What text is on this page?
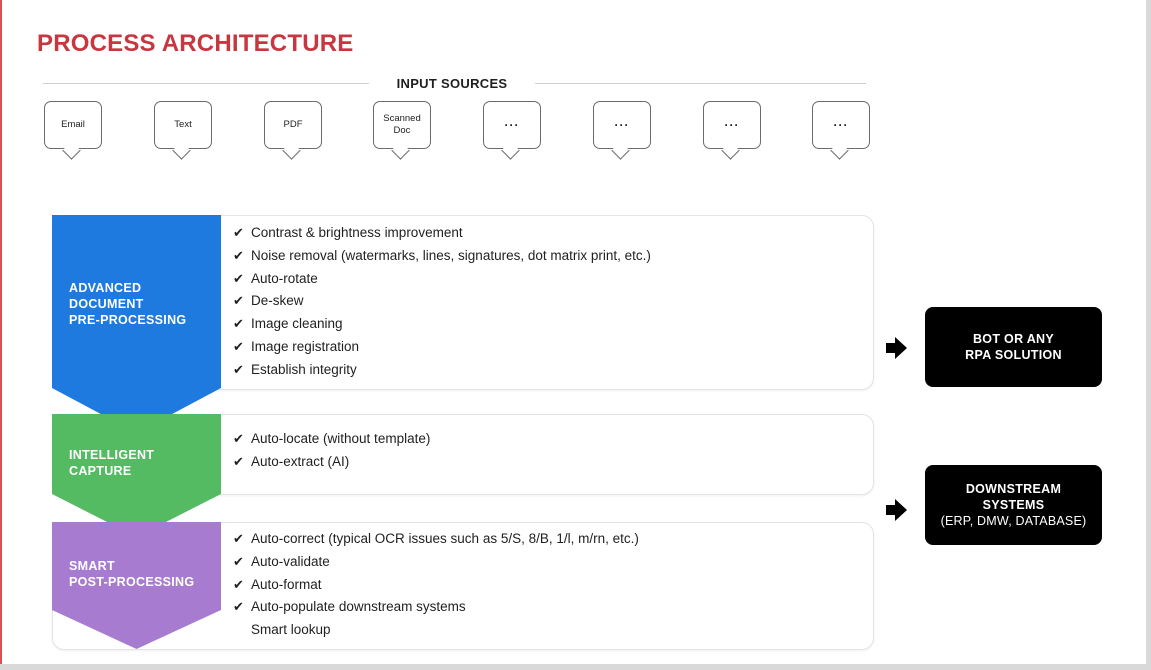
PROCESS ARCHITECTURE
INPUT SOURCES
Email	Text	PDF
Scanned
Doc	···	···	···	···
ADVANCED
DOCUMENT
PRE-PROCESSING
✔ Contrast & brightness improvement
✔ Noise removal (watermarks, lines, signatures, dot matrix print, etc.)
✔ Auto-rotate
✔ De-skew
✔ Image cleaning
✔ Image registration
✔ Establish integrity
INTELLIGENT
CAPTURE
✔ Auto-locate (without template)
✔ Auto-extract (AI)
SMART
POST-PROCESSING
✔ Auto-correct (typical OCR issues such as 5/S, 8/B, 1/l, m/rn, etc.)
✔ Auto-validate
✔ Auto-format
✔ Auto-populate downstream systems
Smart lookup
BOT OR ANY
RPA SOLUTION
DOWNSTREAM
SYSTEMS
(ERP, DMW, DATABASE)
